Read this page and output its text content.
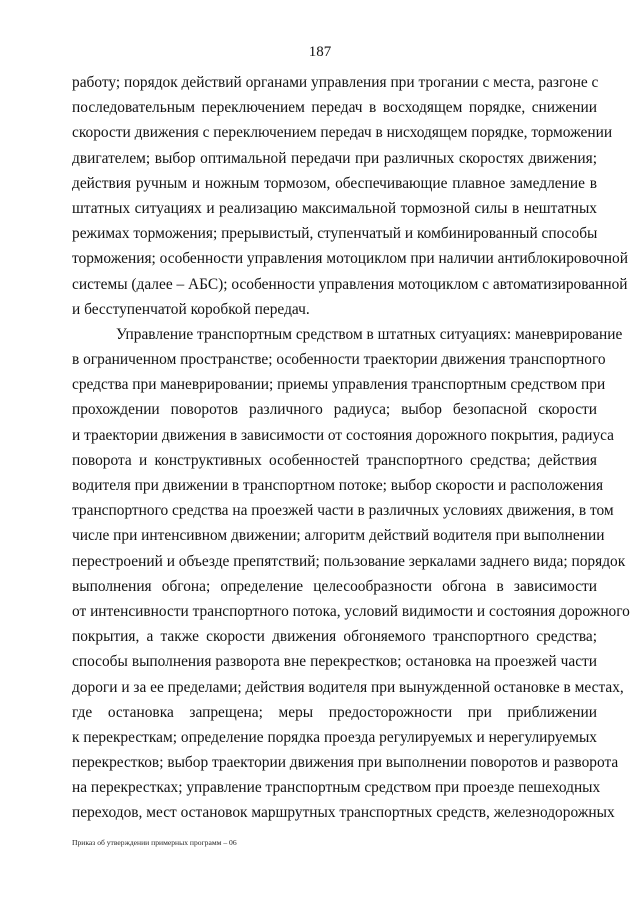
187
работу; порядок действий органами управления при трогании с места, разгоне с
последовательным переключением передач в восходящем порядке, снижении
скорости движения с переключением передач в нисходящем порядке, торможении
двигателем; выбор оптимальной передачи при различных скоростях движения;
действия ручным и ножным тормозом, обеспечивающие плавное замедление в
штатных ситуациях и реализацию максимальной тормозной силы в нештатных
режимах торможения; прерывистый, ступенчатый и комбинированный способы
торможения; особенности управления мотоциклом при наличии антиблокировочной
системы (далее – АБС); особенности управления мотоциклом с автоматизированной
и бесступенчатой коробкой передач.
Управление транспортным средством в штатных ситуациях: маневрирование
в ограниченном пространстве; особенности траектории движения транспортного
средства при маневрировании; приемы управления транспортным средством при
прохождении поворотов различного радиуса; выбор безопасной скорости
и траектории движения в зависимости от состояния дорожного покрытия, радиуса
поворота и конструктивных особенностей транспортного средства; действия
водителя при движении в транспортном потоке; выбор скорости и расположения
транспортного средства на проезжей части в различных условиях движения, в том
числе при интенсивном движении; алгоритм действий водителя при выполнении
перестроений и объезде препятствий; пользование зеркалами заднего вида; порядок
выполнения обгона; определение целесообразности обгона в зависимости
от интенсивности транспортного потока, условий видимости и состояния дорожного
покрытия, а также скорости движения обгоняемого транспортного средства;
способы выполнения разворота вне перекрестков; остановка на проезжей части
дороги и за ее пределами; действия водителя при вынужденной остановке в местах,
где остановка запрещена; меры предосторожности при приближении
к перекресткам; определение порядка проезда регулируемых и нерегулируемых
перекрестков; выбор траектории движения при выполнении поворотов и разворота
на перекрестках; управление транспортным средством при проезде пешеходных
переходов, мест остановок маршрутных транспортных средств, железнодорожных
Приказ об утверждении примерных программ – 06
